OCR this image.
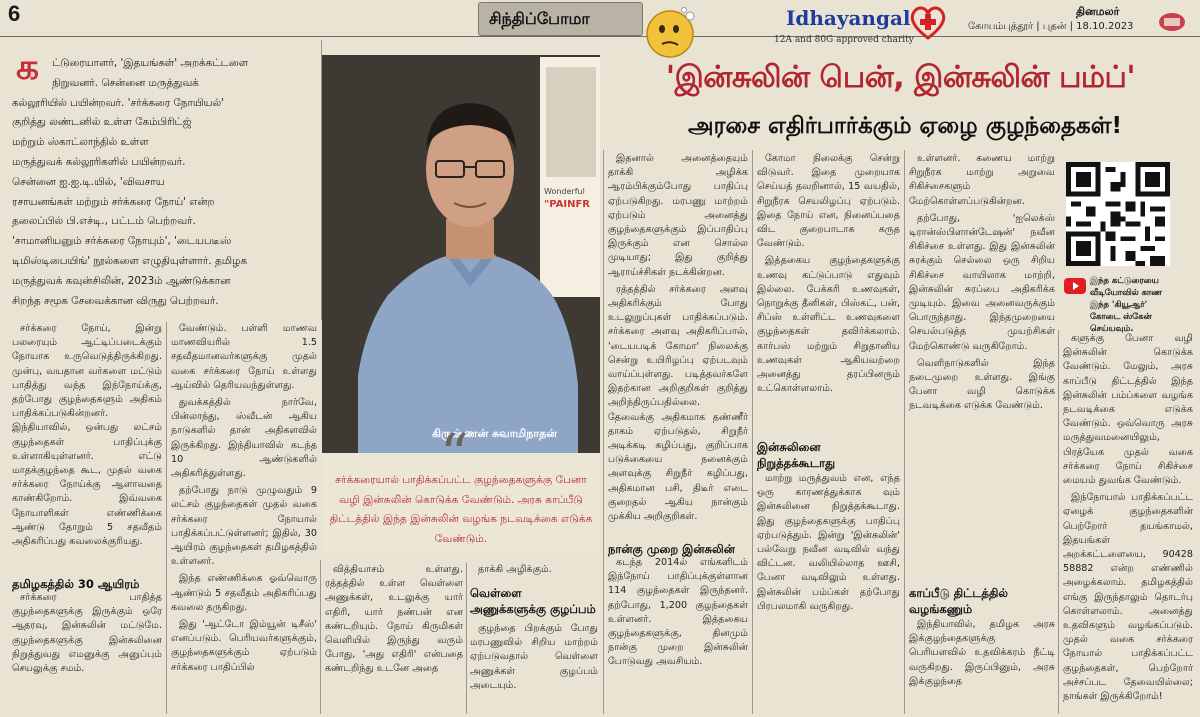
6	சிந்திப்போமா	Idhayangal
12A and 80G approved charity
தினமலர்
கோயம்புத்தூர் | புதன் | 18.10.2023
க	ட்டுரையாளர், 'இதயங்கள்' அறக்கட்டளை
நிறுவனர். சென்னை மருத்துவக்
கல்லூரியில் பயின்றவர். 'சர்க்கரை நோயியல்'
குறித்து லண்டனில் உள்ள கேம்பிரிட்ஜ்
மற்றும் ஸ்காட்லாந்தில் உள்ள
மருத்துவக் கல்லூரிகளில் பயின்றவர்.
சென்னை ஐ.ஐ.டி.யில், 'விவசாய
ரசாயனங்கள் மற்றும் சர்க்கரை நோய்' என்ற
தலைப்பில் பி.எச்டி., பட்டம் பெற்றவர்.
'சாமானியனும் சர்க்கரை நோயும்', 'டையபடீஸ்
டிமிஸ்டிபையிங்' நூல்களை எழுதியுள்ளார். தமிழக
மருத்துவக் கவுன்சிலின், 2023ம் ஆண்டுக்கான
சிறந்த சமூக சேவைக்கான விருது பெற்றவர்.
Wonderful
"PAINFR
கிருஷ்ணன் சுவாமிநாதன்
“
சர்க்கரையால் பாதிக்கப்பட்ட குழந்தைகளுக்கு பேனா வழி இன்சுலின் கொடுக்க வேண்டும். அரசு காப்பீடு திட்டத்தில் இந்த இன்சுலின் வழங்க நடவடிக்கை எடுக்க வேண்டும்.
'இன்சுலின் பென், இன்சுலின் பம்ப்'
அரசை எதிர்பார்க்கும் ஏழை குழந்தைகள்!
இந்த கட்டுரையை வீடியோவில் காண இந்த 'கியூஆர்' கோடை ஸ்கேன் செய்யவும்.

சர்க்கரை நோய், இன்று பலரையும் ஆட்டிப்படைக்கும் நோயாக உருவெடுத்திருக்கிறது. முன்பு, வயதான வர்களை மட்டும் பாதித்து வந்த இந்நோய்க்கு, தற்போது குழந்தைகளும் அதிகம் பாதிக்கப்படுகின்றனர். இந்தியாவில், ஒன்பது லட்சம் குழந்தைகள் பாதிப்புக்கு உள்ளாகியுள்ளனர். எட்டு மாதக்குழந்தை கூட, முதல் வகை சர்க்கரை நோய்க்கு ஆளாவதை காண்கிறோம். இவ்வகை நோயாளிகள் எண்ணிக்கை ஆண்டு தோறும் 5 சதவீதம் அதிகரிப்பது கவலைக்குரியது.

தமிழகத்தில் 30 ஆயிரம்

சர்க்கரை பாதித்த குழந்தைகளுக்கு இருக்கும் ஒரே ஆதரவு, இன்சுலின் மட்டுமே. குழந்தைகளுக்கு இன்சுலினை நிறுத்துவது எமனுக்கு அனுப்பும் செயலுக்கு சமம்.

வேண்டும். பள்ளி மாணவ மாணவியரில் 1.5 சதவீதமானவர்களுக்கு முதல் வகை சர்க்கரை நோய் உள்ளது ஆய்வில் தெரியவந்துள்ளது.

துவக்கத்தில் நார்வே, பின்லாந்து, ஸ்வீடன் ஆகிய நாடுகளில் தான் அதிகளவில் இருக்கிறது. இந்தியாவில் கடந்த 10 ஆண்டுகளில் அதிகரித்துள்ளது.

தற்போது நாடு முழுவதும் 9 லட்சம் குழந்தைகள் முதல் வகை சர்க்கரை நோயால் பாதிக்கப்பட்டுள்ளனர்; இதில், 30 ஆயிரம் குழந்தைகள் தமிழகத்தில் உள்ளனர்.

இந்த எண்ணிக்கை ஓவ்வொரு ஆண்டும் 5 சதவீதம் அதிகரிப்பது கவலை தருகிறது.

இது 'ஆட்டோ இம்யூன் டிசீஸ்' எனப்படும். பெரியவர்களுக்கும், குழந்தைகளுக்கும் ஏற்படும் சர்க்கரை பாதிப்பில்

வித்தியாசம் உள்ளது. ரத்தத்தில் உள்ள வெள்ளை அணுக்கள், உடலுக்கு யார் எதிரி, யார் நண்பன் என கண்டறியும். நோய் கிருமிகள் வெளியில் இருந்து வரும் போது, 'அது எதிரி' என்பதை கண்டறிந்து உடனே அதை

தாக்கி அழிக்கும்.

வெள்ளை அணுக்களுக்கு குழப்பம்

குழந்தை பிறக்கும் போது மரபணுவில் சிறிய மாற்றம் ஏற்படுவதால் வெள்ளை அணுக்கள் குழப்பம் அடையும்.

இதனால் அனைத்தையும் தாக்கி அழிக்க ஆரம்பிக்கும்போது பாதிப்பு ஏற்படுகிறது. மரபணு மாற்றம் ஏற்படும் அனைத்து குழந்தைகளுக்கும் இப்பாதிப்பு இருக்கும் என சொல்ல முடியாது; இது குறித்து ஆராய்ச்சிகள் நடக்கின்றன.

ரத்தத்தில் சர்க்கரை அளவு அதிகரிக்கும் போது உடலுறுப்புகள் பாதிக்கப்படும். சர்க்கரை அளவு அதிகரிப்பால், 'டையபடிக் கோமா' நிலைக்கு சென்று உயிரிழப்பு ஏற்படவும் வாய்ப்புள்ளது. படித்தவர்களே இதற்கான அறிகுறிகள் குறித்து அறிந்திருப்பதில்லை. தேவைக்கு அதிகமாக தண்ணீர் தாகம் ஏற்படுதல், சிறுநீர் அடிக்கடி கழிப்பது, குறிப்பாக படுக்கையை நனைக்கும் அளவுக்கு சிறுநீர் கழிப்பது, அதிகமான பசி, திடீர் எடை குறைதல் ஆகிய நான்கும் முக்கிய அறிகுறிகள்.

நான்கு முறை இன்சுலின்

கடந்த 2014ல் எங்களிடம் இந்நோய் பாதிப்புக்குள்ளான 114 குழந்தைகள் இருந்தனர். தற்போது, 1,200 குழந்தைகள் உள்ளனர். இத்தகைய குழந்தைகளுக்கு, தினமும் நான்கு முறை இன்சுலின் போடுவது அவசியம்.

கோமா நிலைக்கு சென்று விடுவர். இதை முறையாக செய்யத் தவறினால், 15 வயதில், சிறுநீரக செயலிழப்பு ஏற்படும். இதை நோய் என, நினைப்பதை விட குறைபாடாக கருத வேண்டும்.

இத்தகைய குழந்தைகளுக்கு உணவு கட்டுப்பாடு எதுவும் இல்லை. பேக்கரி உணவுகள், நொறுக்கு தீனிகள், பிஸ்கட், பன், சிப்ஸ் உள்ளிட்ட உணவுகளை குழந்தைகள் தவிர்க்கலாம். கார்பஸ் மற்றும் சிறுதானிய உணவுகள் ஆகியவற்றை அனைத்து தரப்பினரும் உட்கொள்ளலாம்.

இன்சுலினை நிறுத்தக்கூடாது

மாற்று மருத்துவம் என, எந்த ஒரு காரணத்துக்காக வும் இன்சுலினை நிறுத்தக்கூடாது. இது குழந்தைகளுக்கு பாதிப்பு ஏற்படுத்தும். இன்று 'இன்சுலின்' பல்வேறு நவீன வடிவில் வந்து விட்டன. வலியில்லாத ஊசி, பேனா வடிவிலும் உள்ளது. இன்சுலின் பம்ப்கள் தற்போது பிரபலமாகி வருகிறது.

உள்ளனர். கணைய மாற்று சிறுநீரக மாற்று அறுவை சிகிச்சைகளும் மேற்கொள்ளப்படுகின்றன.

தற்போது, 'ஐலெக்ஸ் டிரான்ஸ்பிளான்டேஷன்' நவீன சிகிச்சை உள்ளது. இது இன்சுலின் சுரக்கும் செல்லை ஒரு சிறிய சிகிச்சை வாயிலாக மாற்றி, இன்சுலின் சுரப்பை அதிகரிக்க முடியும். இவை அனைவருக்கும் பொருந்தாது. இந்தமுறையை செயல்படுத்த முயற்சிகள் மேற்கொண்டு வருகிறோம்.

வெளிநாடுகளில் இந்த நடைமுறை உள்ளது. இங்கு பேனா வழி கொடுக்க நடவடிக்கை எடுக்க வேண்டும்.

காப்பீடு திட்டத்தில் வழங்கணும்

இந்தியாவில், தமிழக அரசு இக்குழந்தைகளுக்கு பெரியளவில் உதவிக்கரம் நீட்டி வருகிறது. இருப்பினும், அரசு இக்குழந்தை

களுக்கு பேனா வழி இன்சுலின் கொடுக்க வேண்டும். மேலும், அரசு காப்பீடு திட்டத்தில் இந்த இன்சுலின் பம்ப்களை வழங்க நடவடிக்கை எடுக்க வேண்டும். ஒவ்வொரு அரசு மருத்துவமனையிலும், பிரத்யேக முதல் வகை சர்க்கரை நோய் சிகிச்சை மையம் துவங்க வேண்டும்.

இந்நோயால் பாதிக்கப்பட்ட ஏழைக் குழந்தைகளின் பெற்றோர் தயங்காமல், இதயங்கள் அறக்கட்டளையை, 90428 58882 என்ற எண்ணில் அழைக்கலாம். தமிழகத்தில் எங்கு இருந்தாலும் தொடர்பு கொள்ளலாம். அனைத்து உதவிகளும் வழங்கப்படும். முதல் வகை சர்க்கரை நோயால் பாதிக்கப்பட்ட குழந்தைகள், பெற்றோர் அச்சப்பட தேவையில்லை; நாங்கள் இருக்கிறோம்!
